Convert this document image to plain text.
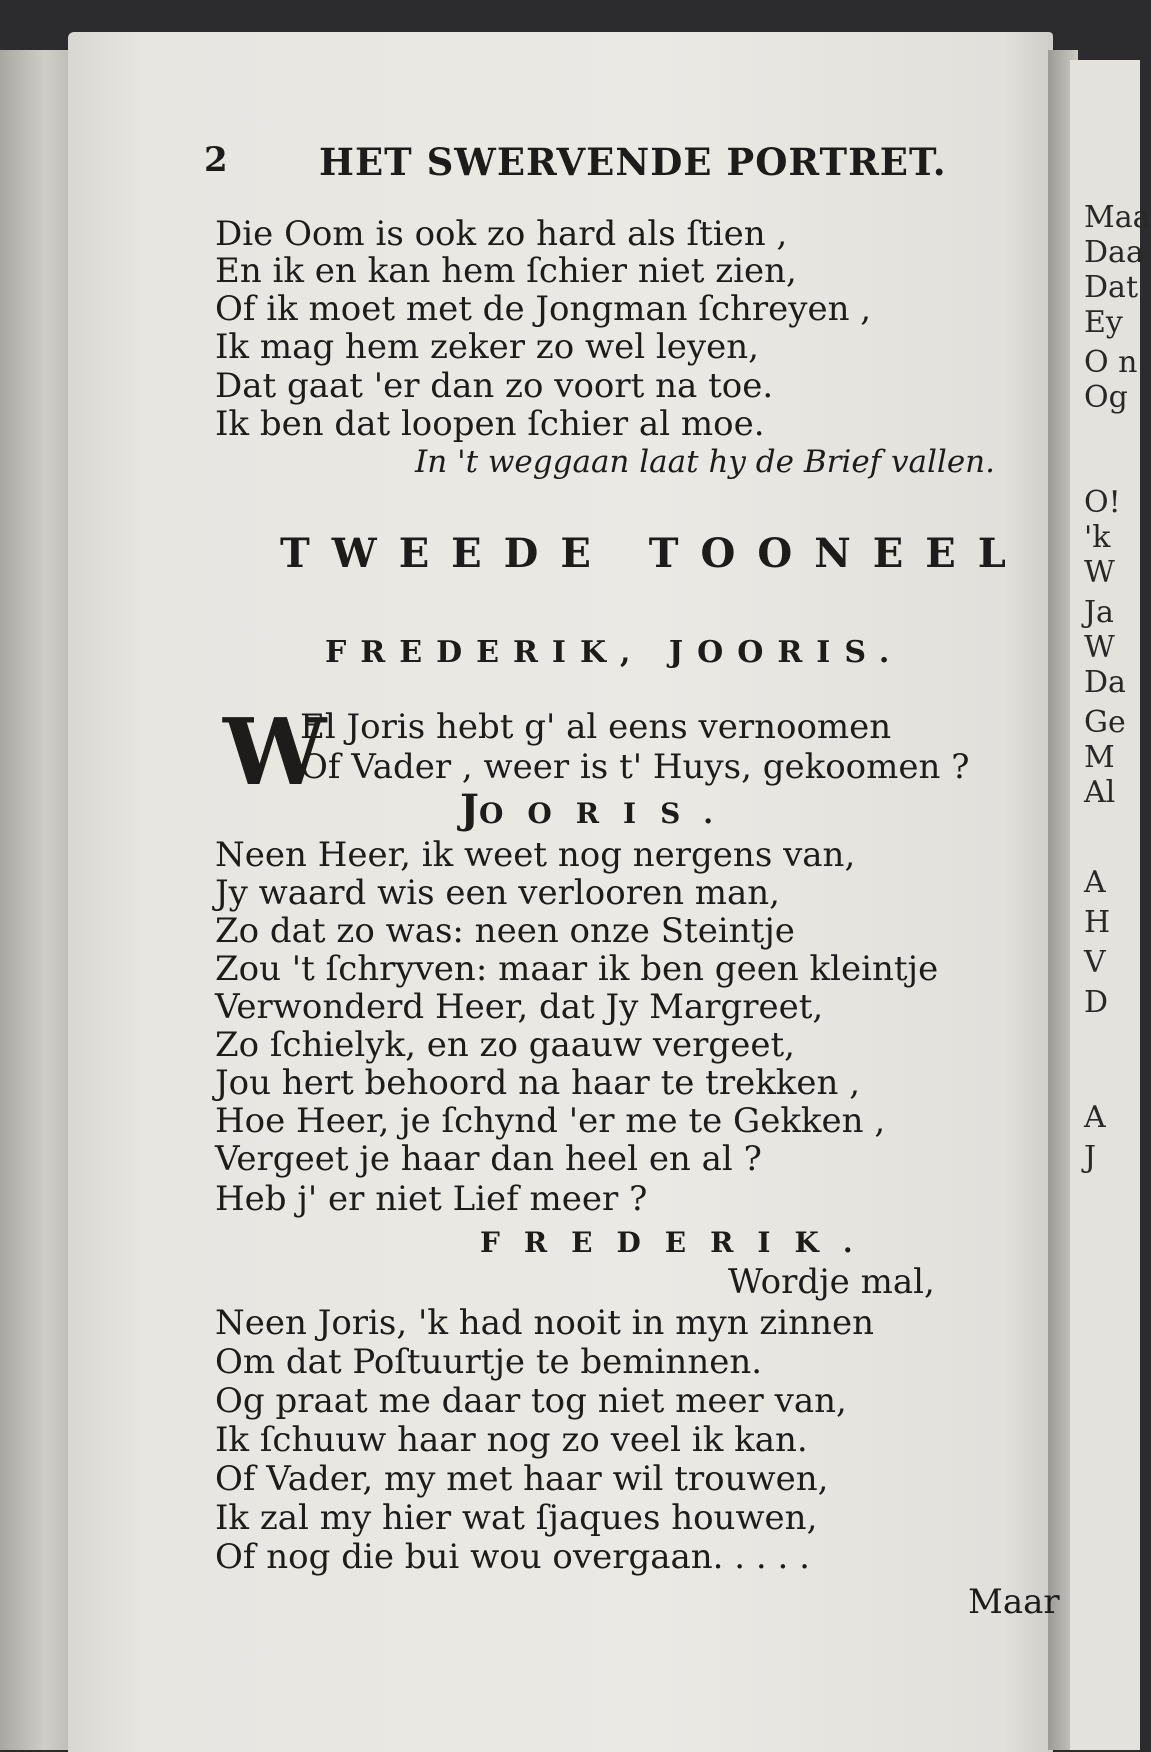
Maa
Daa
Dat
Ey
O n
Og
O!
'k
W
Ja
W
Da
Ge
M
Al
A
H
V
D
A
J
2 HET SWERVENDE PORTRET.
Die Oom is ook zo hard als ſtien ,
En ik en kan hem ſchier niet zien,
Of ik moet met de Jongman ſchreyen ,
Ik mag hem zeker zo wel leyen,
Dat gaat 'er dan zo voort na toe.
Ik ben dat loopen ſchier al moe.
In 't weggaan laat hy de Brief vallen.
TWEEDE TOONEEL
FREDERIK, JOORIS.
W
El Joris hebt g' al eens vernoomen
Of Vader , weer is t' Huys, gekoomen ?
JOORIS.
Neen Heer, ik weet nog nergens van,
Jy waard wis een verlooren man,
Zo dat zo was: neen onze Steintje
Zou 't ſchryven: maar ik ben geen kleintje
Verwonderd Heer, dat Jy Margreet,
Zo ſchielyk, en zo gaauw vergeet,
Jou hert behoord na haar te trekken ,
Hoe Heer, je ſchynd 'er me te Gekken ,
Vergeet je haar dan heel en al ?
Heb j' er niet Lief meer ?
FREDERIK.
Wordje mal,
Neen Joris, 'k had nooit in myn zinnen
Om dat Poſtuurtje te beminnen.
Og praat me daar tog niet meer van,
Ik ſchuuw haar nog zo veel ik kan.
Of Vader, my met haar wil trouwen,
Ik zal my hier wat ſjaques houwen,
Of nog die bui wou overgaan. . . . .
Maar
